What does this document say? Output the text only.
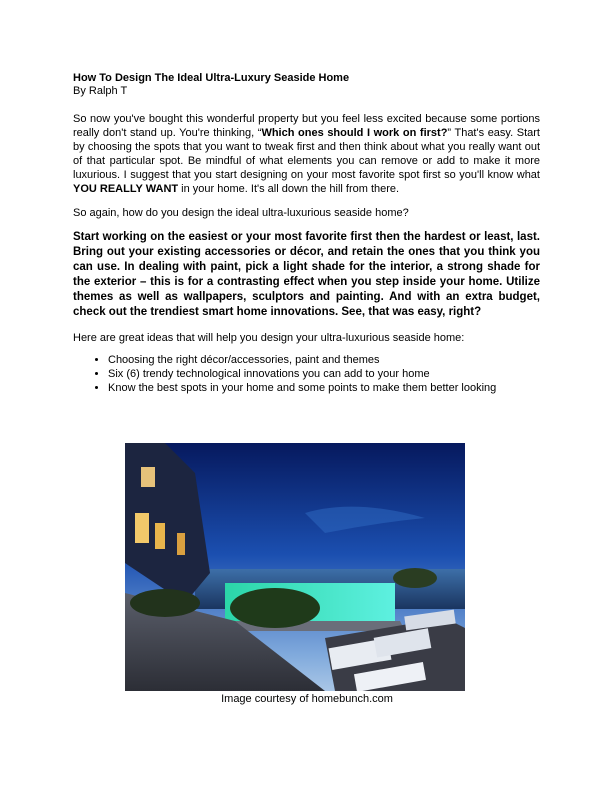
How To Design The Ideal Ultra-Luxury Seaside Home
By Ralph T

So now you've bought this wonderful property but you feel less excited because some portions really don't stand up. You're thinking, “Which ones should I work on first?” That's easy. Start by choosing the spots that you want to tweak first and then think about what you really want out of that particular spot. Be mindful of what elements you can remove or add to make it more luxurious. I suggest that you start designing on your most favorite spot first so you'll know what YOU REALLY WANT in your home. It's all down the hill from there.

So again, how do you design the ideal ultra-luxurious seaside home?

Start working on the easiest or your most favorite first then the hardest or least, last. Bring out your existing accessories or décor, and retain the ones that you think you can use. In dealing with paint, pick a light shade for the interior, a strong shade for the exterior – this is for a contrasting effect when you step inside your home. Utilize themes as well as wallpapers, sculptors and painting. And with an extra budget, check out the trendiest smart home innovations. See, that was easy, right?

Here are great ideas that will help you design your ultra-luxurious seaside home:

• Choosing the right décor/accessories, paint and themes
• Six (6) trendy technological innovations you can add to your home
• Know the best spots in your home and some points to make them better looking
Image courtesy of homebunch.com
